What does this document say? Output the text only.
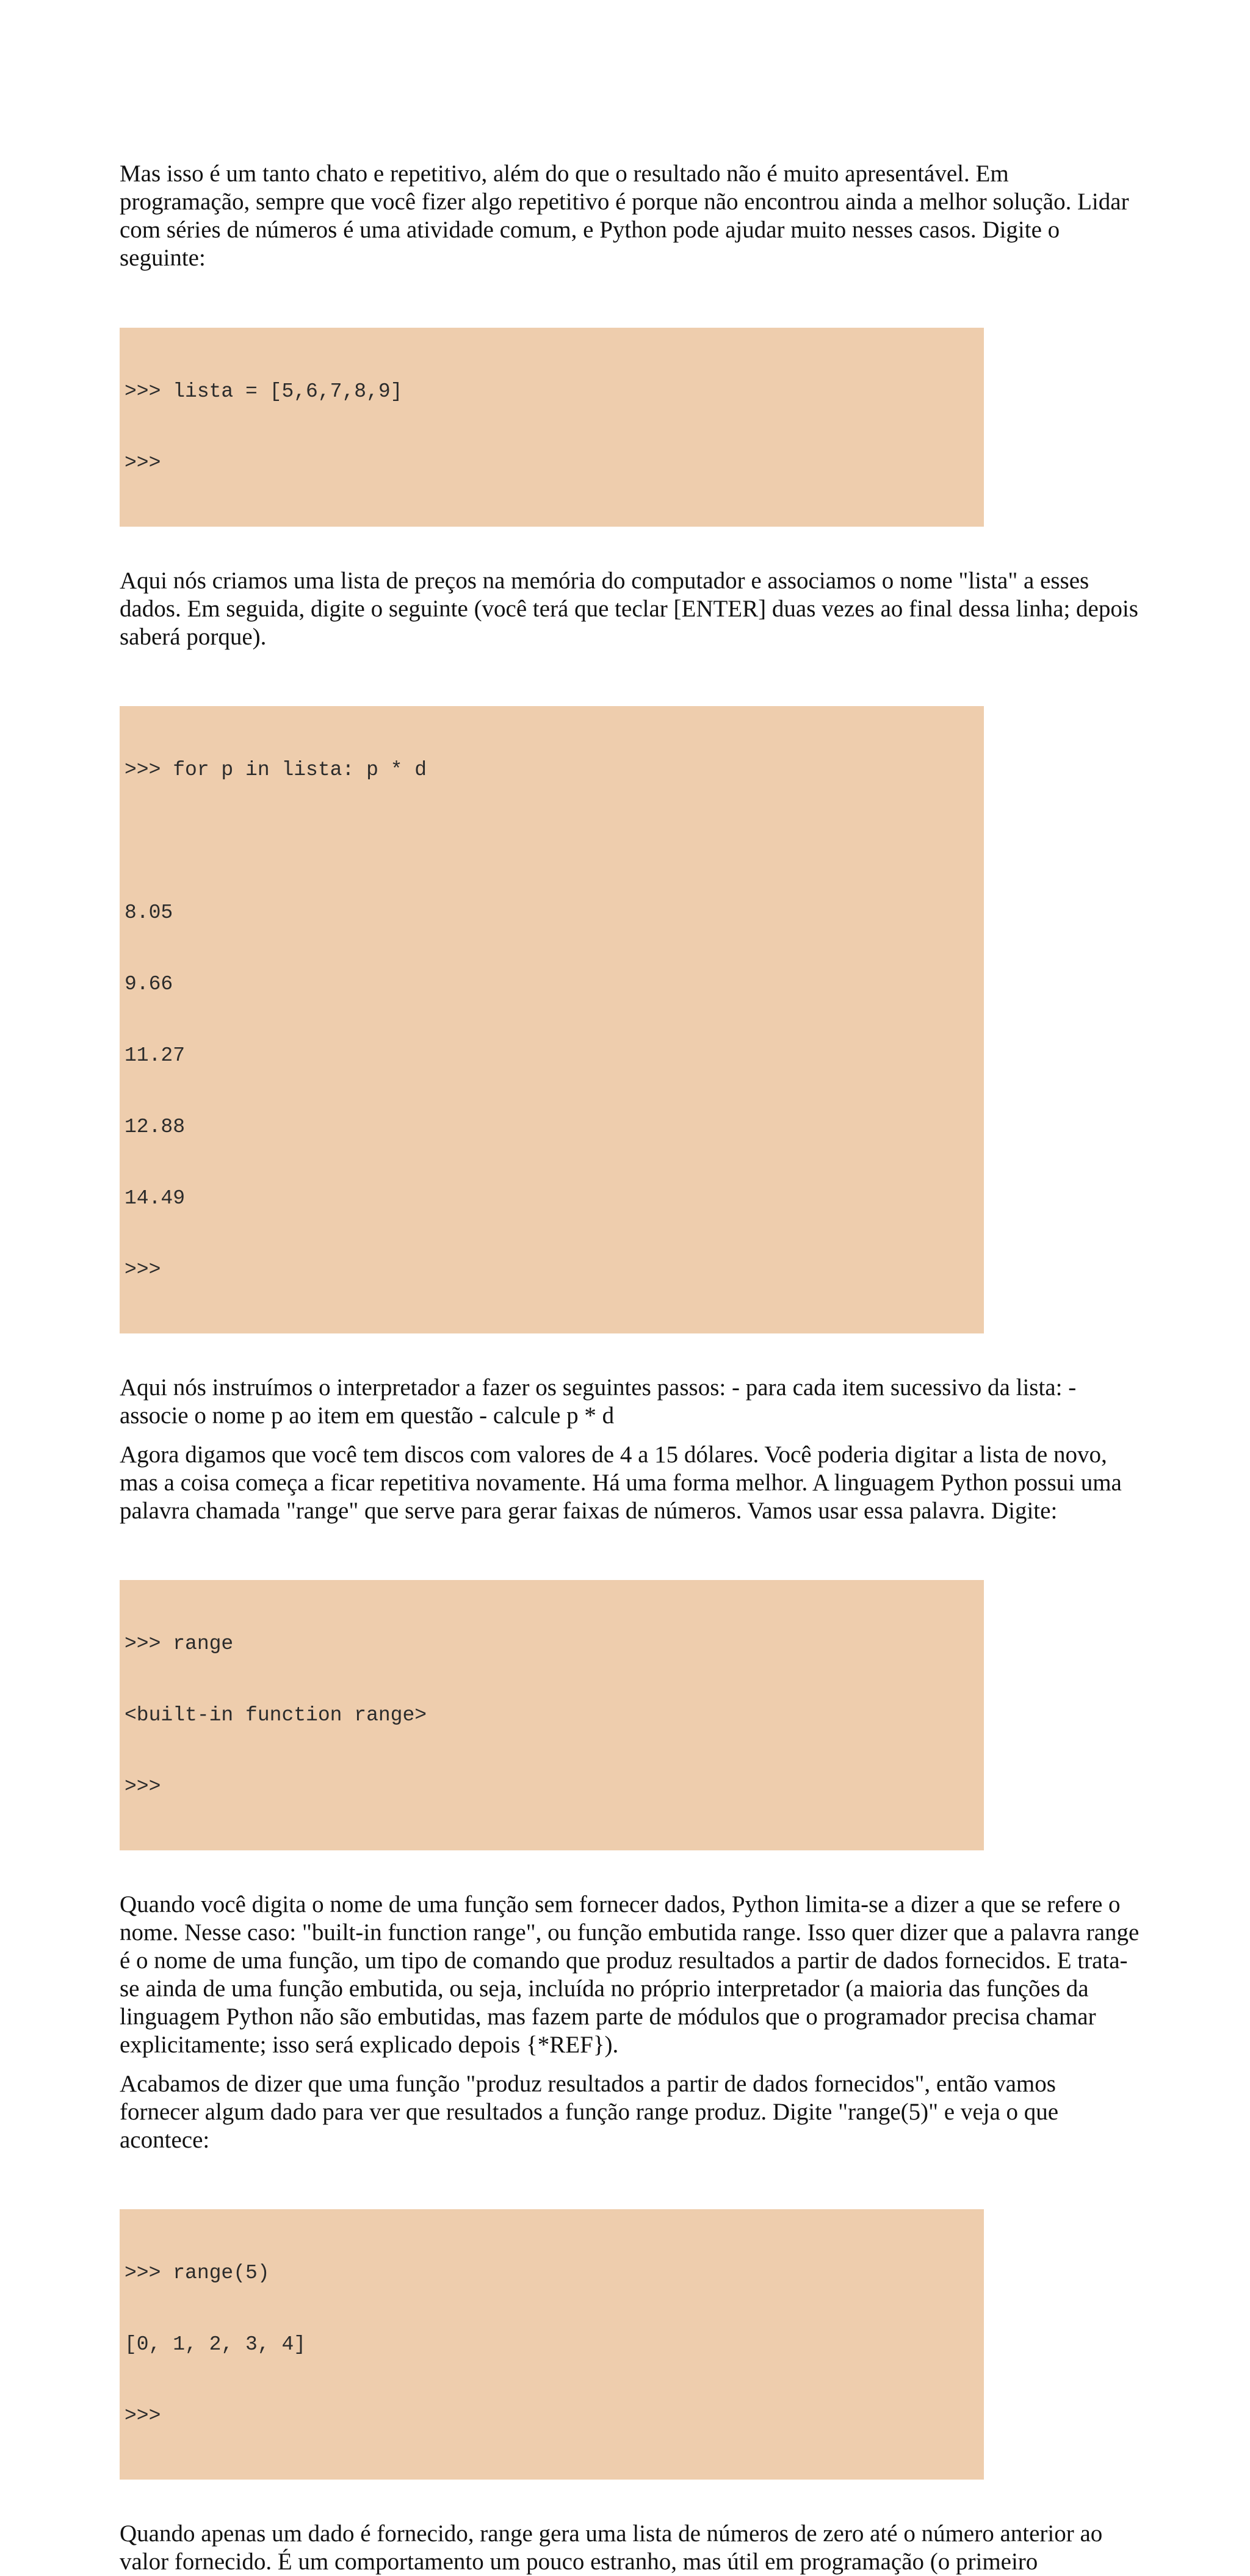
Mas isso é um tanto chato e repetitivo, além do que o resultado não é muito apresentável. Em programação, sempre que você fizer algo repetitivo é porque não encontrou ainda a melhor solução. Lidar com séries de números é uma atividade comum, e Python pode ajudar muito nesses casos. Digite o seguinte:

>>> lista = [5,6,7,8,9]

>>>

Aqui nós criamos uma lista de preços na memória do computador e associamos o nome "lista" a esses dados. Em seguida, digite o seguinte (você terá que teclar [ENTER] duas vezes ao final dessa linha; depois saberá porque).

>>> for p in lista: p * d

8.05

9.66

11.27

12.88

14.49

>>>

Aqui nós instruímos o interpretador a fazer os seguintes passos: - para cada item sucessivo da lista: - associe o nome p ao item em questão - calcule p * d

Agora digamos que você tem discos com valores de 4 a 15 dólares. Você poderia digitar a lista de novo, mas a coisa começa a ficar repetitiva novamente. Há uma forma melhor. A linguagem Python possui uma palavra chamada "range" que serve para gerar faixas de números. Vamos usar essa palavra. Digite:

>>> range

<built-in function range>

>>>

Quando você digita o nome de uma função sem fornecer dados, Python limita-se a dizer a que se refere o nome. Nesse caso: "built-in function range", ou função embutida range. Isso quer dizer que a palavra range é o nome de uma função, um tipo de comando que produz resultados a partir de dados fornecidos. E trata-se ainda de uma função embutida, ou seja, incluída no próprio interpretador (a maioria das funções da linguagem Python não são embutidas, mas fazem parte de módulos que o programador precisa chamar explicitamente; isso será explicado depois {*REF}).

Acabamos de dizer que uma função "produz resultados a partir de dados fornecidos", então vamos fornecer algum dado para ver que resultados a função range produz. Digite "range(5)" e veja o que acontece:

>>> range(5)

[0, 1, 2, 3, 4]

>>>

Quando apenas um dado é fornecido, range gera uma lista de números de zero até o número anterior ao valor fornecido. É um comportamento um pouco estranho, mas útil em programação (o primeiro
